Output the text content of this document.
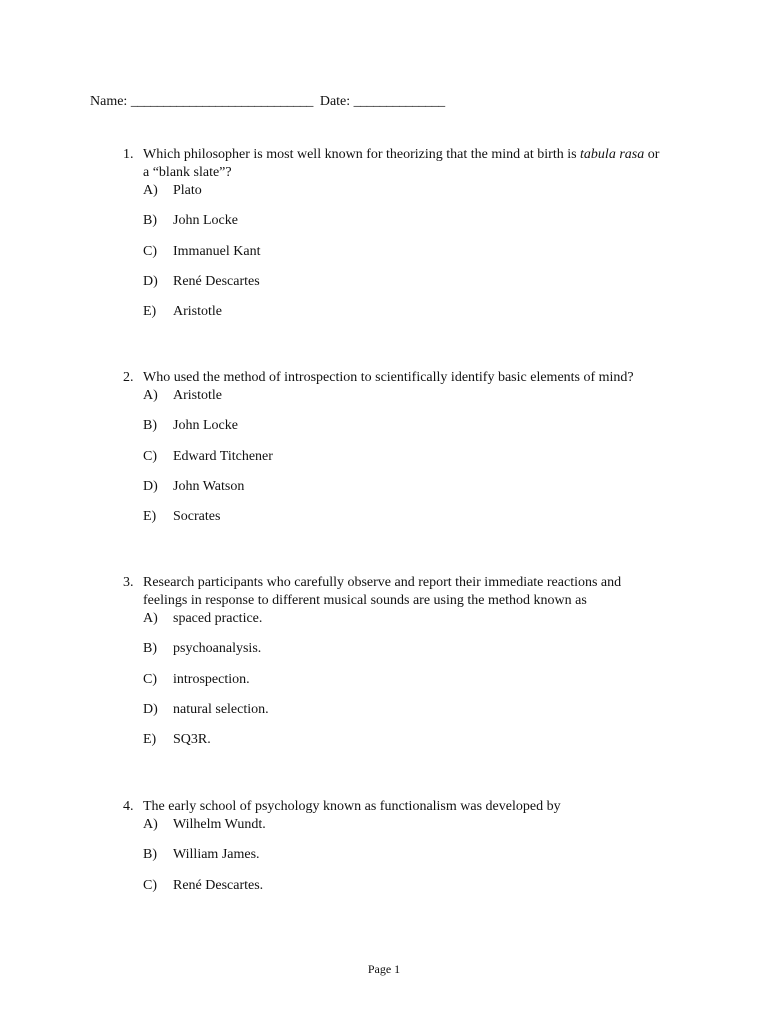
Name: ____________________________ Date: ______________
1. Which philosopher is most well known for theorizing that the mind at birth is tabula rasa or a “blank slate”?
A) Plato
B) John Locke
C) Immanuel Kant
D) René Descartes
E) Aristotle
2. Who used the method of introspection to scientifically identify basic elements of mind?
A) Aristotle
B) John Locke
C) Edward Titchener
D) John Watson
E) Socrates
3. Research participants who carefully observe and report their immediate reactions and feelings in response to different musical sounds are using the method known as
A) spaced practice.
B) psychoanalysis.
C) introspection.
D) natural selection.
E) SQ3R.
4. The early school of psychology known as functionalism was developed by
A) Wilhelm Wundt.
B) William James.
C) René Descartes.
Page 1
